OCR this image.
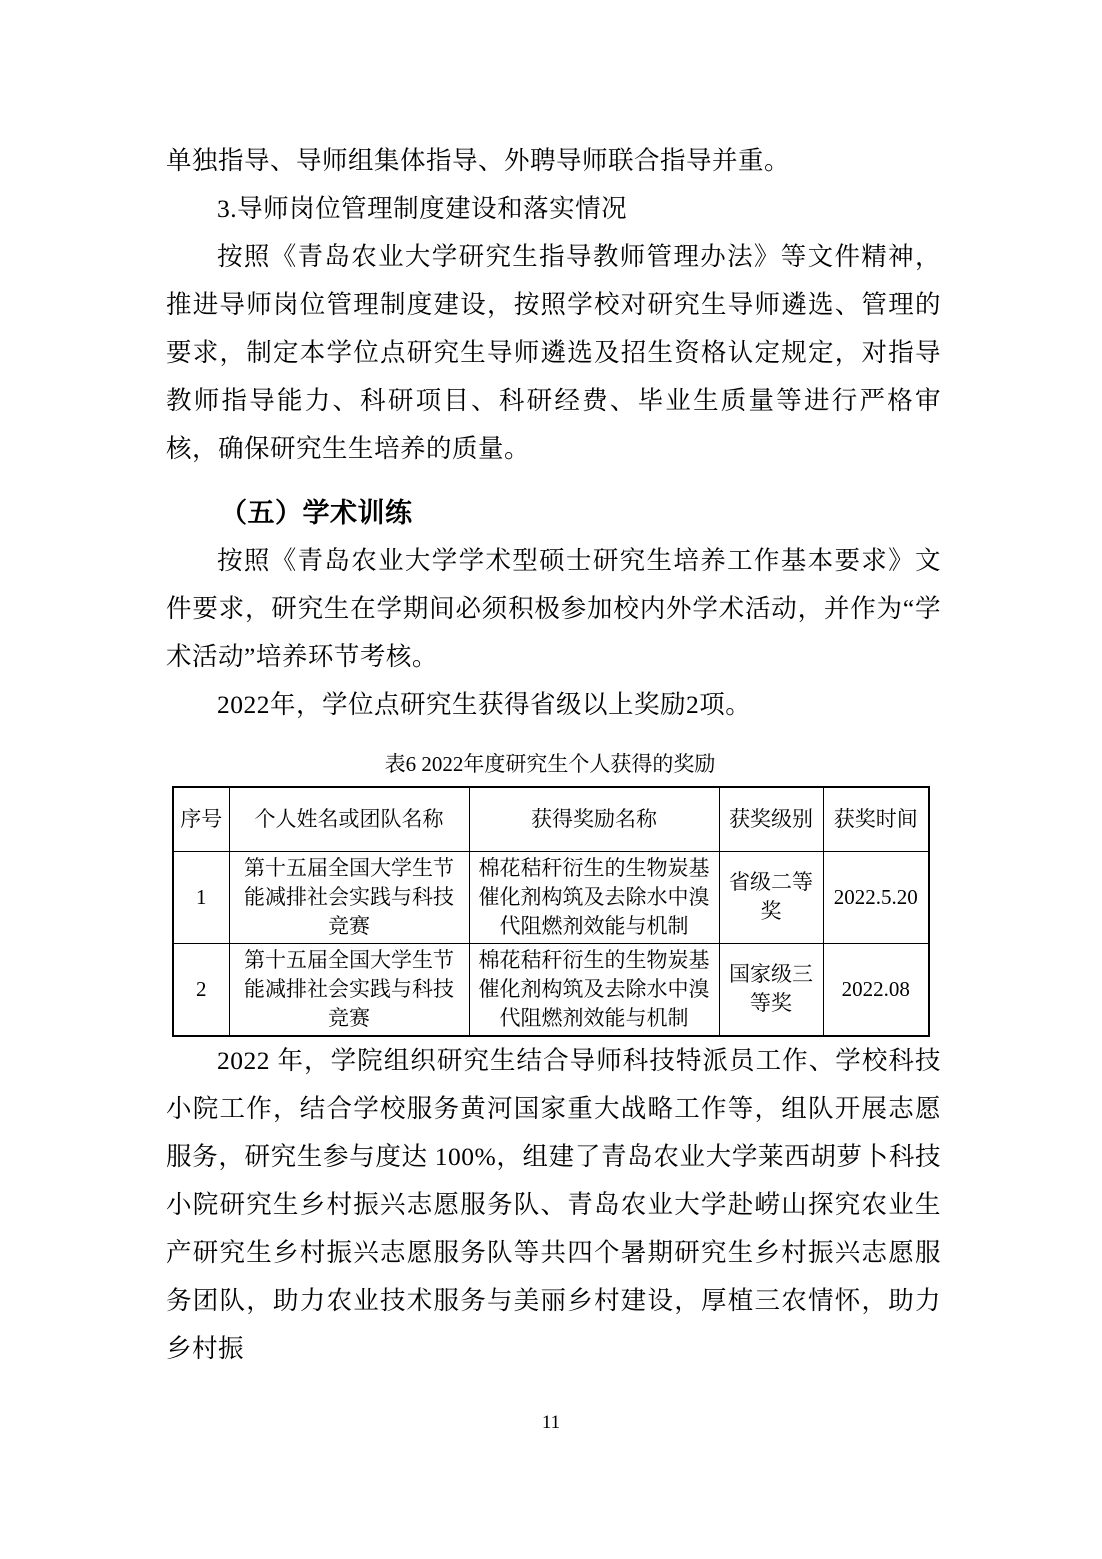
单独指导、导师组集体指导、外聘导师联合指导并重。

3.导师岗位管理制度建设和落实情况

按照《青岛农业大学研究生指导教师管理办法》等文件精神，推进导师岗位管理制度建设，按照学校对研究生导师遴选、管理的要求，制定本学位点研究生导师遴选及招生资格认定规定，对指导教师指导能力、科研项目、科研经费、毕业生质量等进行严格审核，确保研究生生培养的质量。

（五）学术训练

按照《青岛农业大学学术型硕士研究生培养工作基本要求》文件要求，研究生在学期间必须积极参加校内外学术活动，并作为“学术活动”培养环节考核。

2022年，学位点研究生获得省级以上奖励2项。

表6 2022年度研究生个人获得的奖励
序号	个人姓名或团队名称	获得奖励名称	获奖级别	获奖时间
1	第十五届全国大学生节能减排社会实践与科技竞赛	棉花秸秆衍生的生物炭基催化剂构筑及去除水中溴代阻燃剂效能与机制	省级二等奖	2022.5.20
2	第十五届全国大学生节能减排社会实践与科技竞赛	棉花秸秆衍生的生物炭基催化剂构筑及去除水中溴代阻燃剂效能与机制	国家级三等奖	2022.08

2022 年，学院组织研究生结合导师科技特派员工作、学校科技小院工作，结合学校服务黄河国家重大战略工作等，组队开展志愿服务，研究生参与度达 100%，组建了青岛农业大学莱西胡萝卜科技小院研究生乡村振兴志愿服务队、青岛农业大学赴崂山探究农业生产研究生乡村振兴志愿服务队等共四个暑期研究生乡村振兴志愿服务团队，助力农业技术服务与美丽乡村建设，厚植三农情怀，助力乡村振

11
